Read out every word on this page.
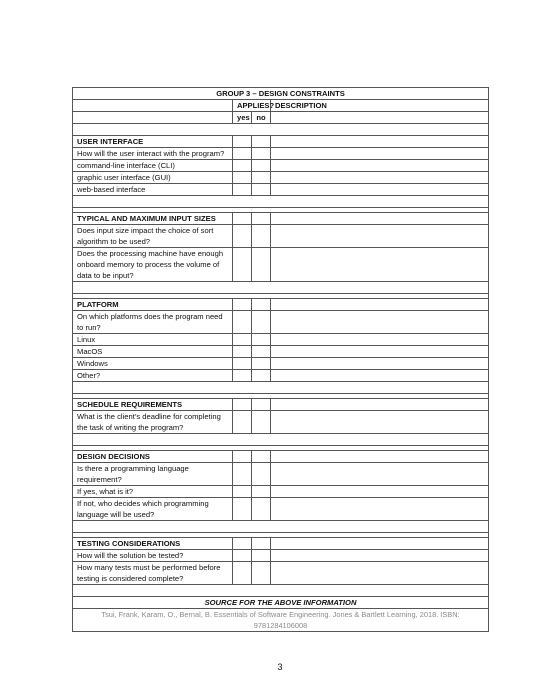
GROUP 3 – DESIGN CONSTRAINTS			
	APPLIES?		DESCRIPTION
	yes	no	

USER INTERFACE			
How will the user interact with the program?			
command-line interface (CLI)			
graphic user interface (GUI)			
web-based interface			

TYPICAL AND MAXIMUM INPUT SIZES			
Does input size impact the choice of sort algorithm to be used?			
Does the processing machine have enough onboard memory to process the volume of data to be input?			

PLATFORM			
On which platforms does the program need to run?			
Linux			
MacOS			
Windows			
Other?			

SCHEDULE REQUIREMENTS			
What is the client’s deadline for completing the task of writing the program?			

DESIGN DECISIONS			
Is there a programming language requirement?			
If yes, what is it?			
If not, who decides which programming language will be used?			

TESTING CONSIDERATIONS			
How will the solution be tested?			
How many tests must be performed before testing is considered complete?			

SOURCE FOR THE ABOVE INFORMATION			
Tsui, Frank, Karam, O., Bernal, B. Essentials of Software Engineering. Jones & Bartlett Learning, 2018. ISBN: 9781284106008			
3
